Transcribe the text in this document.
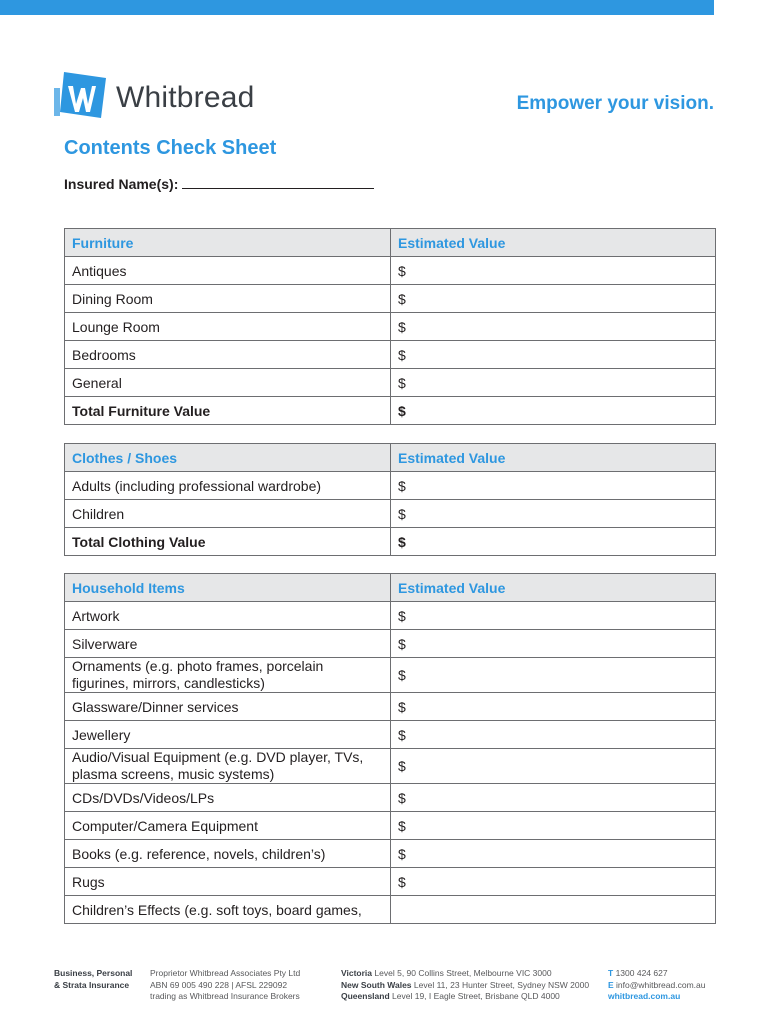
Whitbread	Empower your vision.
Contents Check Sheet
Insured Name(s):
Furniture	Estimated Value
Antiques	$
Dining Room	$
Lounge Room	$
Bedrooms	$
General	$
Total Furniture Value	$
Clothes / Shoes	Estimated Value
Adults (including professional wardrobe)	$
Children	$
Total Clothing Value	$
Household Items	Estimated Value
Artwork	$
Silverware	$
Ornaments (e.g. photo frames, porcelain figurines, mirrors, candlesticks)	$
Glassware/Dinner services	$
Jewellery	$
Audio/Visual Equipment (e.g. DVD player, TVs, plasma screens, music systems)	$
CDs/DVDs/Videos/LPs	$
Computer/Camera Equipment	$
Books (e.g. reference, novels, children’s)	$
Rugs	$
Children’s Effects (e.g. soft toys, board games,	
Business, Personal
& Strata Insurance
Proprietor Whitbread Associates Pty Ltd
ABN 69 005 490 228 | AFSL 229092
trading as Whitbread Insurance Brokers
Victoria Level 5, 90 Collins Street, Melbourne VIC 3000
New South Wales Level 11, 23 Hunter Street, Sydney NSW 2000
Queensland Level 19, I Eagle Street, Brisbane QLD 4000
T 1300 424 627
E info@whitbread.com.au
whitbread.com.au
